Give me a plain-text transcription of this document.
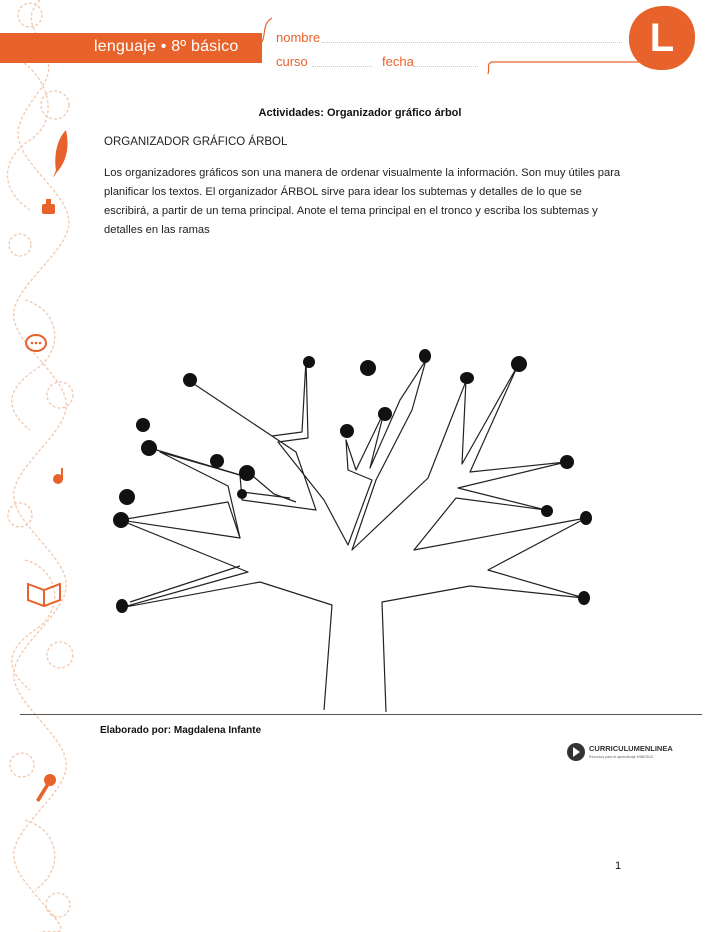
lenguaje • 8º básico
nombre
curso	fecha
L
Actividades: Organizador gráfico árbol
ORGANIZADOR GRÁFICO ÁRBOL

Los organizadores gráficos son una manera de ordenar visualmente la información. Son muy útiles para planificar los textos. El organizador ÁRBOL sirve para idear los subtemas y detalles de lo que se escribirá, a partir de un tema principal. Anote el tema principal en el tronco y escriba los subtemas y detalles en las ramas

Elaborado por: Magdalena Infante
CURRICULUMENLINEA
Recursos para el aprendizaje MINEDUC
1
